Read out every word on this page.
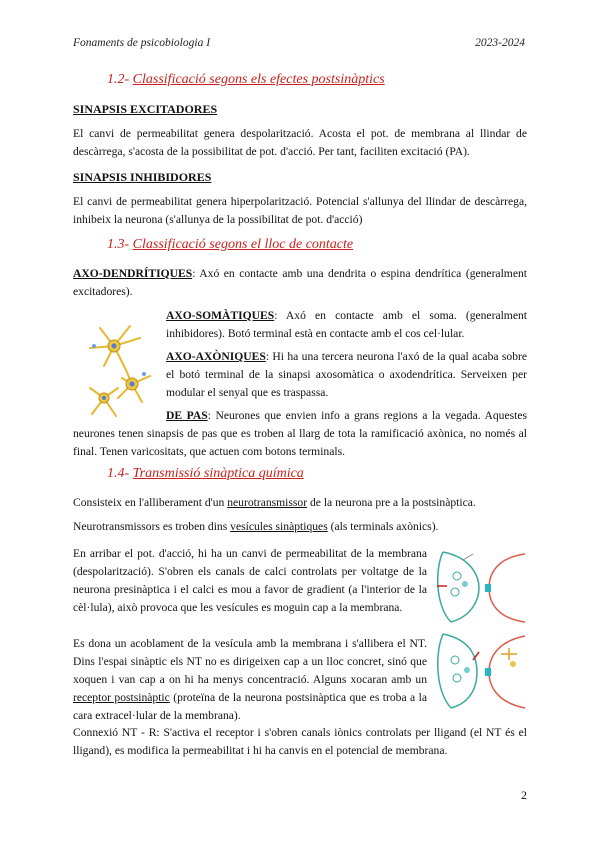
Fonaments de psicobiologia I	2023-2024
1.2- Classificació segons els efectes postsinàptics
SINAPSIS EXCITADORES
El canvi de permeabilitat genera despolarització. Acosta el pot. de membrana al llindar de descàrrega, s'acosta de la possibilitat de pot. d'acció. Per tant, faciliten excitació (PA).
SINAPSIS INHIBIDORES
El canvi de permeabilitat genera hiperpolarització. Potencial s'allunya del llindar de descàrrega, inhibeix la neurona (s'allunya de la possibilitat de pot. d'acció)
1.3- Classificació segons el lloc de contacte
AXO-DENDRÍTIQUES: Axó en contacte amb una dendrita o espina dendrítica (generalment excitadores).
AXO-SOMÀTIQUES: Axó en contacte amb el soma. (generalment inhibidores). Botó terminal està en contacte amb el cos cel·lular.
AXO-AXÒNIQUES: Hi ha una tercera neurona l'axó de la qual acaba sobre el botó terminal de la sinapsi axosomàtica o axodendrítica. Serveixen per modular el senyal que es traspassa.
DE PAS: Neurones que envien info a grans regions a la vegada. Aquestes neurones tenen sinapsis de pas que es troben al llarg de tota la ramificació axònica, no només al final. Tenen varicositats, que actuen com botons terminals.
1.4- Transmissió sinàptica química
Consisteix en l'alliberament d'un neurotransmissor de la neurona pre a la postsinàptica.
Neurotransmissors es troben dins vesícules sinàptiques (als terminals axònics).
En arribar el pot. d'acció, hi ha un canvi de permeabilitat de la membrana (despolarització). S'obren els canals de calci controlats per voltatge de la neurona presinàptica i el calci es mou a favor de gradient (a l'interior de la cèl·lula), això provoca que les vesícules es moguin cap a la membrana.
Es dona un acoblament de la vesícula amb la membrana i s'allibera el NT. Dins l'espai sinàptic els NT no es dirigeixen cap a un lloc concret, sinó que xoquen i van cap a on hi ha menys concentració. Alguns xocaran amb un receptor postsinàptic (proteïna de la neurona postsinàptica que es troba a la cara extracel·lular de la membrana).
Connexió NT - R: S'activa el receptor i s'obren canals iònics controlats per lligand (el NT és el lligand), es modifica la permeabilitat i hi ha canvis en el potencial de membrana.
2
